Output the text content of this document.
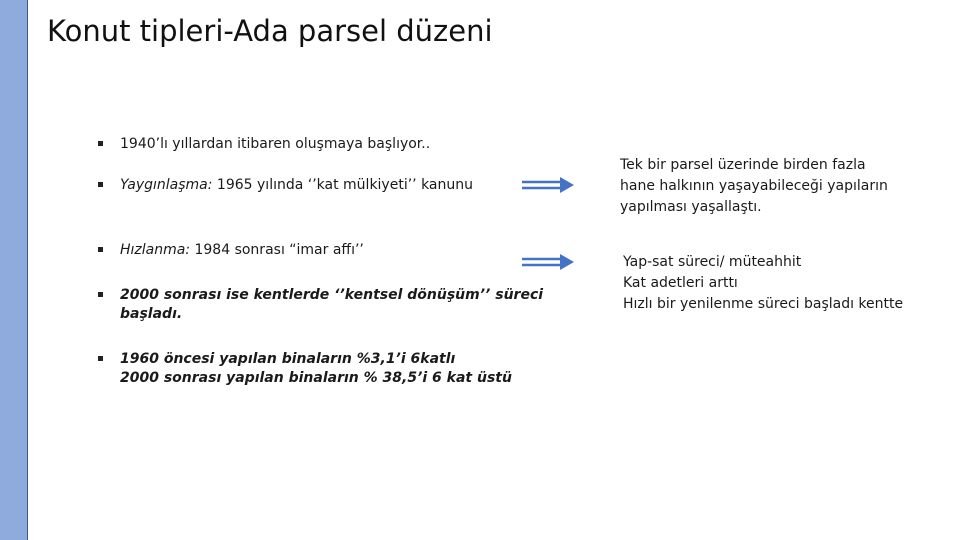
Konut tipleri-Ada parsel düzeni
1940’lı yıllardan itibaren oluşmaya başlıyor..
Yaygınlaşma: 1965 yılında ‘’kat mülkiyeti’’ kanunu
Hızlanma: 1984 sonrası “imar affı’’
2000 sonrası ise kentlerde ‘’kentsel dönüşüm’’ süreci
başladı.
1960 öncesi yapılan binaların %3,1’i 6katlı
2000 sonrası yapılan binaların % 38,5’i 6 kat üstü
Tek bir parsel üzerinde birden fazla
hane halkının yaşayabileceği yapıların
yapılması yaşallaştı.
Yap-sat süreci/ müteahhit
Kat adetleri arttı
Hızlı bir yenilenme süreci başladı kentte
